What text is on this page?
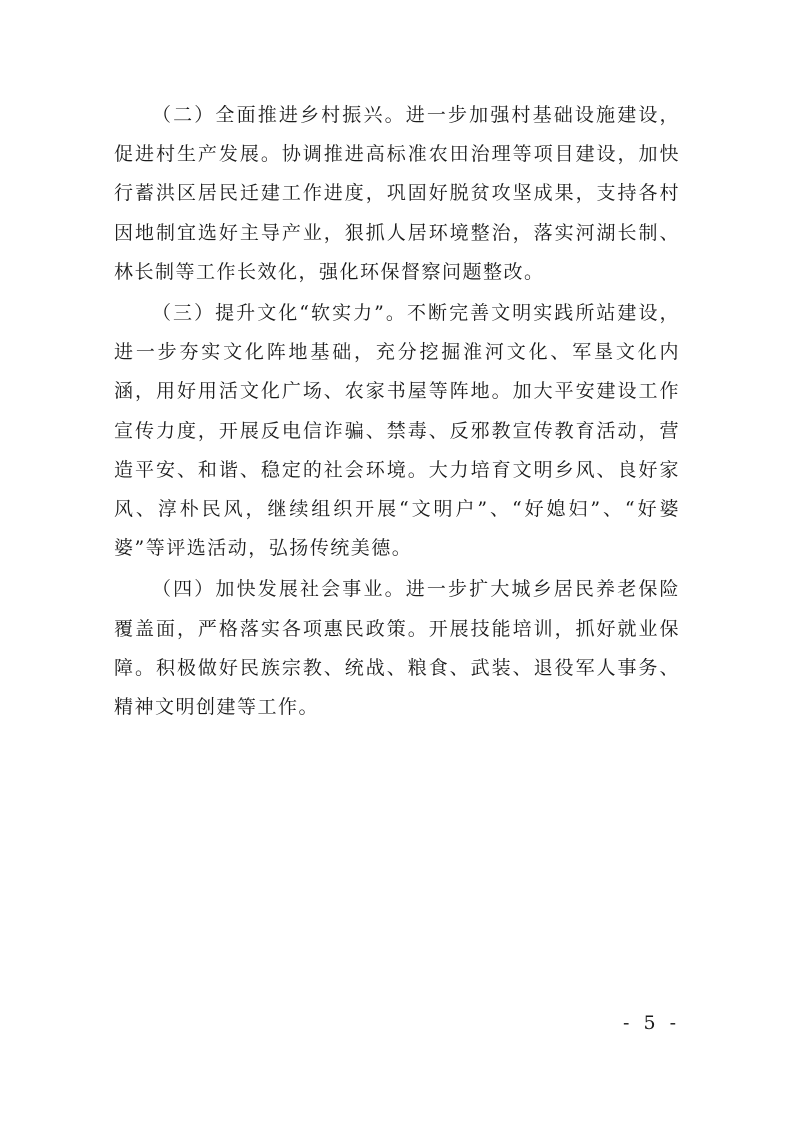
（二）全面推进乡村振兴。进一步加强村基础设施建设，促进村生产发展。协调推进高标准农田治理等项目建设，加快行蓄洪区居民迁建工作进度，巩固好脱贫攻坚成果，支持各村因地制宜选好主导产业，狠抓人居环境整治，落实河湖长制、林长制等工作长效化，强化环保督察问题整改。

（三）提升文化“软实力”。不断完善文明实践所站建设，进一步夯实文化阵地基础，充分挖掘淮河文化、军垦文化内涵，用好用活文化广场、农家书屋等阵地。加大平安建设工作宣传力度，开展反电信诈骗、禁毒、反邪教宣传教育活动，营造平安、和谐、稳定的社会环境。大力培育文明乡风、良好家风、淳朴民风，继续组织开展“文明户”、“好媳妇”、“好婆婆”等评选活动，弘扬传统美德。

（四）加快发展社会事业。进一步扩大城乡居民养老保险覆盖面，严格落实各项惠民政策。开展技能培训，抓好就业保障。积极做好民族宗教、统战、粮食、武装、退役军人事务、精神文明创建等工作。

- 5 -
